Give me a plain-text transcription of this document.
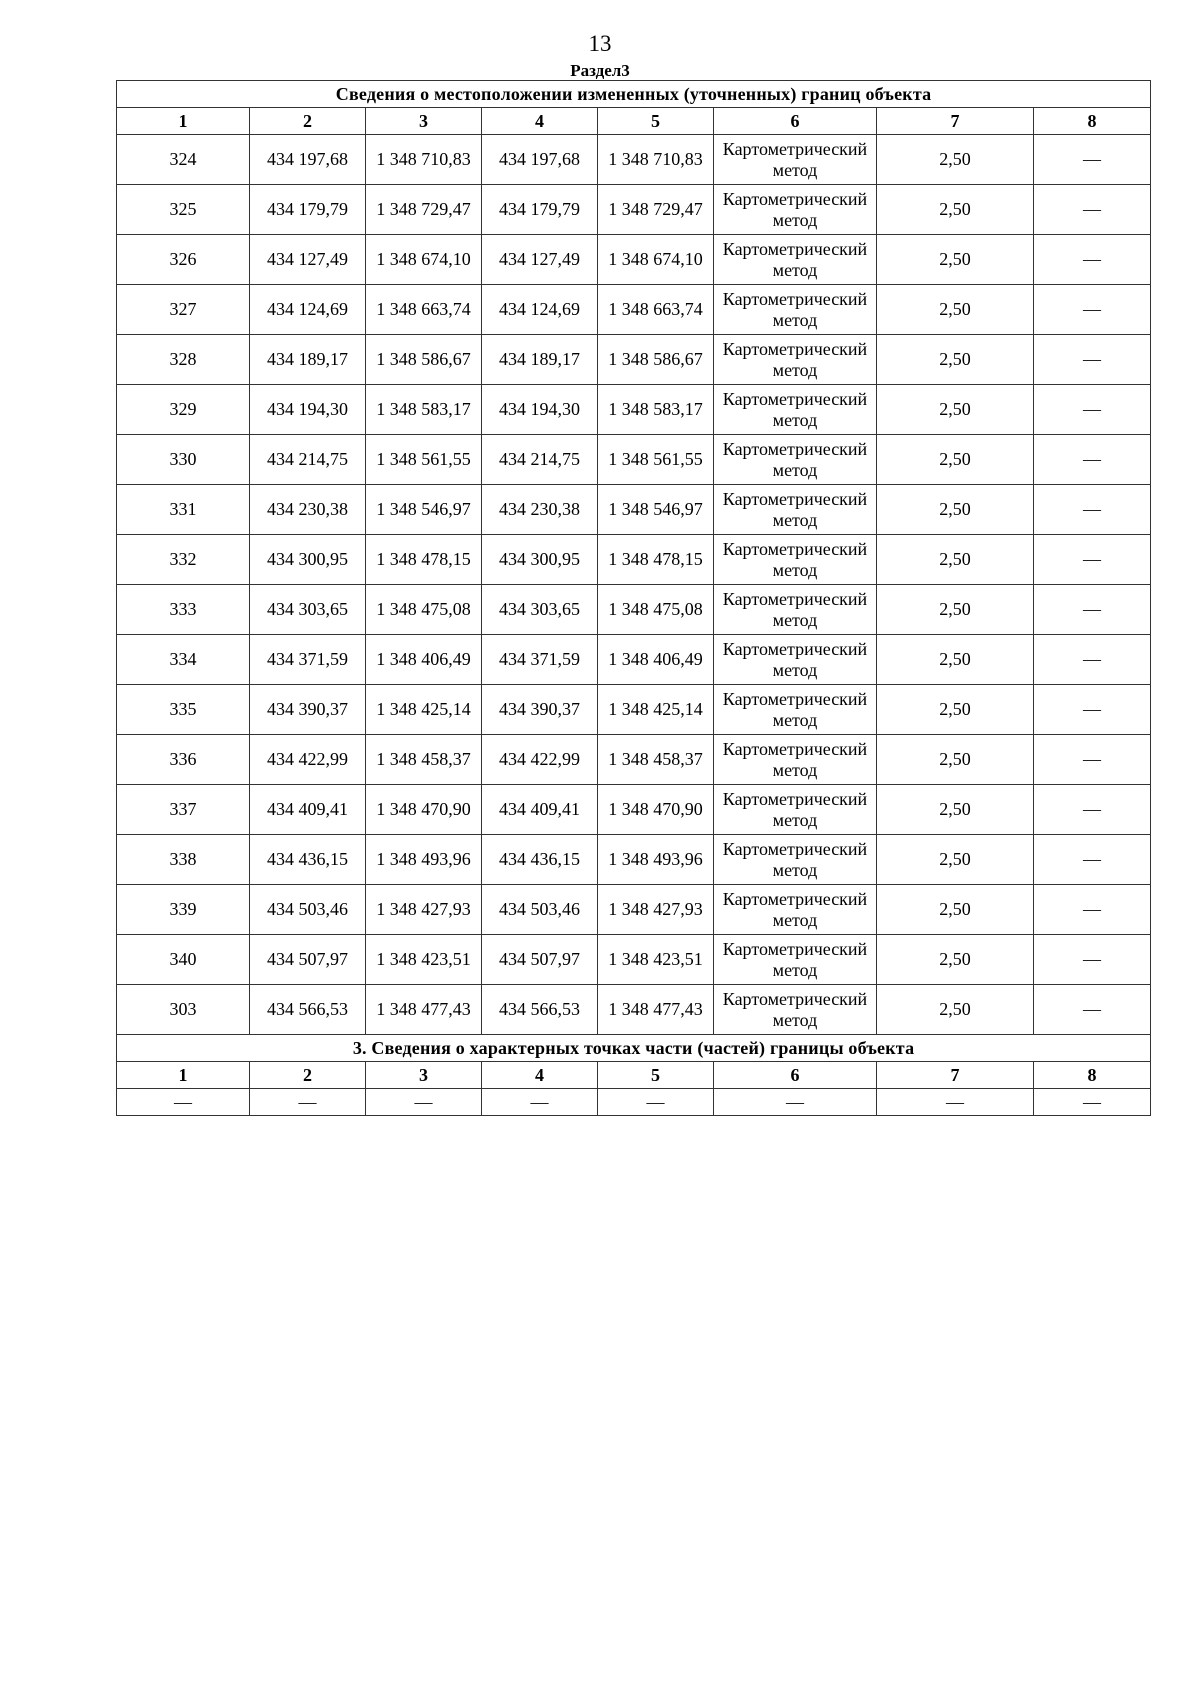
13
Раздел3
Сведения о местоположении измененных (уточненных) границ объекта							
1	2	3	4	5	6	7	8
324	434 197,68	1 348 710,83	434 197,68	1 348 710,83	Картометрический метод	2,50	—
325	434 179,79	1 348 729,47	434 179,79	1 348 729,47	Картометрический метод	2,50	—
326	434 127,49	1 348 674,10	434 127,49	1 348 674,10	Картометрический метод	2,50	—
327	434 124,69	1 348 663,74	434 124,69	1 348 663,74	Картометрический метод	2,50	—
328	434 189,17	1 348 586,67	434 189,17	1 348 586,67	Картометрический метод	2,50	—
329	434 194,30	1 348 583,17	434 194,30	1 348 583,17	Картометрический метод	2,50	—
330	434 214,75	1 348 561,55	434 214,75	1 348 561,55	Картометрический метод	2,50	—
331	434 230,38	1 348 546,97	434 230,38	1 348 546,97	Картометрический метод	2,50	—
332	434 300,95	1 348 478,15	434 300,95	1 348 478,15	Картометрический метод	2,50	—
333	434 303,65	1 348 475,08	434 303,65	1 348 475,08	Картометрический метод	2,50	—
334	434 371,59	1 348 406,49	434 371,59	1 348 406,49	Картометрический метод	2,50	—
335	434 390,37	1 348 425,14	434 390,37	1 348 425,14	Картометрический метод	2,50	—
336	434 422,99	1 348 458,37	434 422,99	1 348 458,37	Картометрический метод	2,50	—
337	434 409,41	1 348 470,90	434 409,41	1 348 470,90	Картометрический метод	2,50	—
338	434 436,15	1 348 493,96	434 436,15	1 348 493,96	Картометрический метод	2,50	—
339	434 503,46	1 348 427,93	434 503,46	1 348 427,93	Картометрический метод	2,50	—
340	434 507,97	1 348 423,51	434 507,97	1 348 423,51	Картометрический метод	2,50	—
303	434 566,53	1 348 477,43	434 566,53	1 348 477,43	Картометрический метод	2,50	—
3. Сведения о характерных точках части (частей) границы объекта							
1	2	3	4	5	6	7	8
—	—	—	—	—	—	—	—
